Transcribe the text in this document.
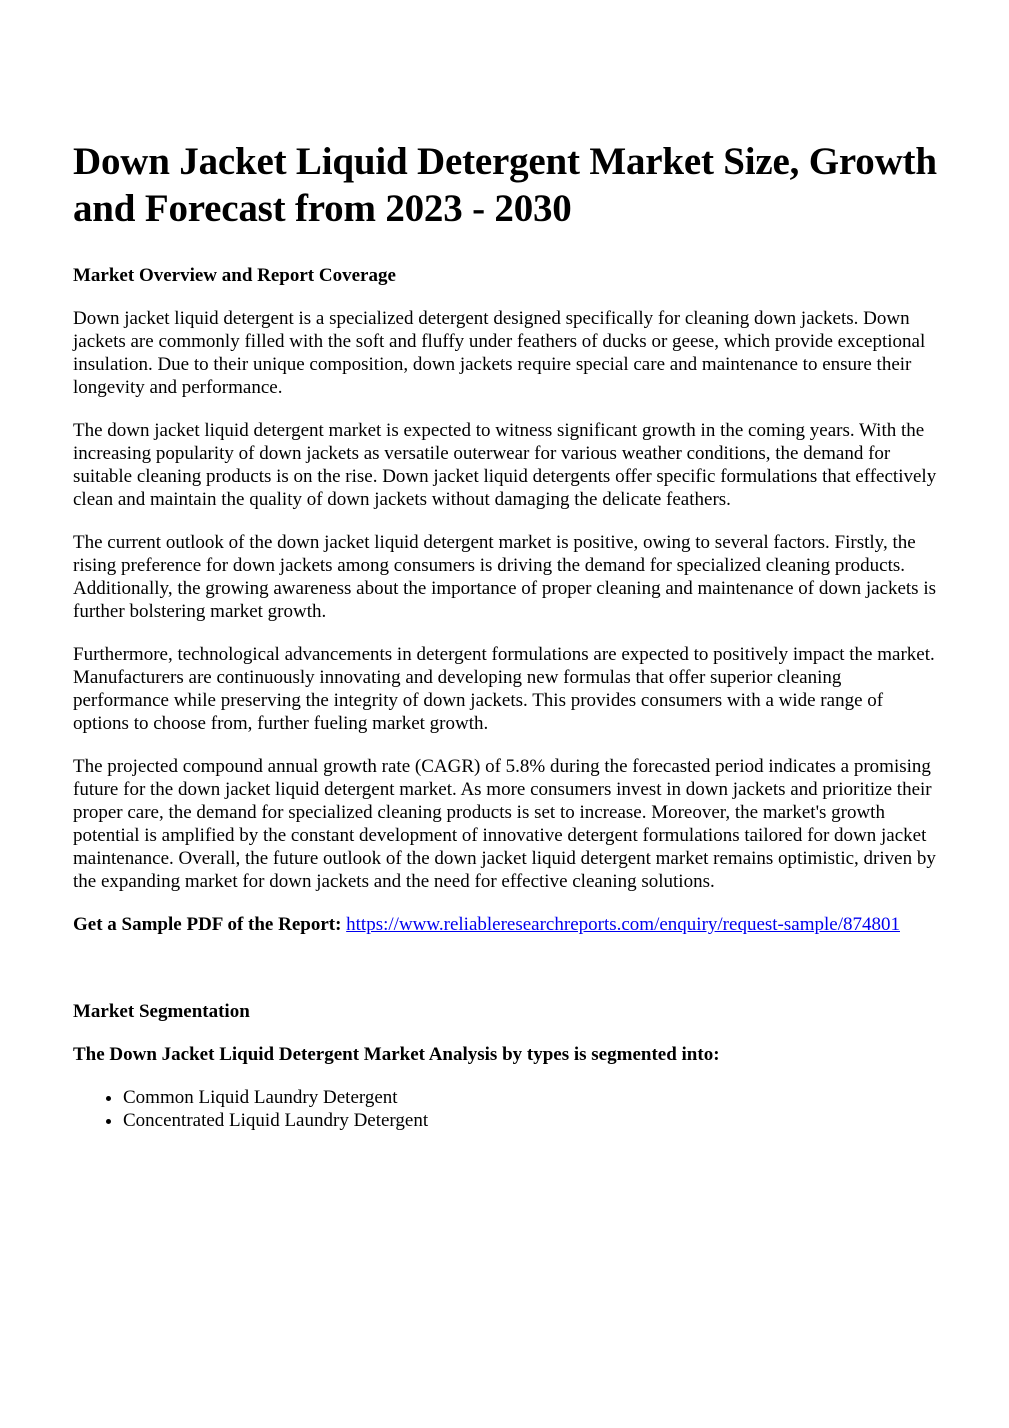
Down Jacket Liquid Detergent Market Size, Growth and Forecast from 2023 - 2030
Market Overview and Report Coverage

Down jacket liquid detergent is a specialized detergent designed specifically for cleaning down jackets. Down jackets are commonly filled with the soft and fluffy under feathers of ducks or geese, which provide exceptional insulation. Due to their unique composition, down jackets require special care and maintenance to ensure their longevity and performance.

The down jacket liquid detergent market is expected to witness significant growth in the coming years. With the increasing popularity of down jackets as versatile outerwear for various weather conditions, the demand for suitable cleaning products is on the rise. Down jacket liquid detergents offer specific formulations that effectively clean and maintain the quality of down jackets without damaging the delicate feathers.

The current outlook of the down jacket liquid detergent market is positive, owing to several factors. Firstly, the rising preference for down jackets among consumers is driving the demand for specialized cleaning products. Additionally, the growing awareness about the importance of proper cleaning and maintenance of down jackets is further bolstering market growth.

Furthermore, technological advancements in detergent formulations are expected to positively impact the market. Manufacturers are continuously innovating and developing new formulas that offer superior cleaning performance while preserving the integrity of down jackets. This provides consumers with a wide range of options to choose from, further fueling market growth.

The projected compound annual growth rate (CAGR) of 5.8% during the forecasted period indicates a promising future for the down jacket liquid detergent market. As more consumers invest in down jackets and prioritize their proper care, the demand for specialized cleaning products is set to increase. Moreover, the market's growth potential is amplified by the constant development of innovative detergent formulations tailored for down jacket maintenance. Overall, the future outlook of the down jacket liquid detergent market remains optimistic, driven by the expanding market for down jackets and the need for effective cleaning solutions.

Get a Sample PDF of the Report: https://www.reliableresearchreports.com/enquiry/request-sample/874801
Market Segmentation
The Down Jacket Liquid Detergent Market Analysis by types is segmented into:
• Common Liquid Laundry Detergent
• Concentrated Liquid Laundry Detergent
